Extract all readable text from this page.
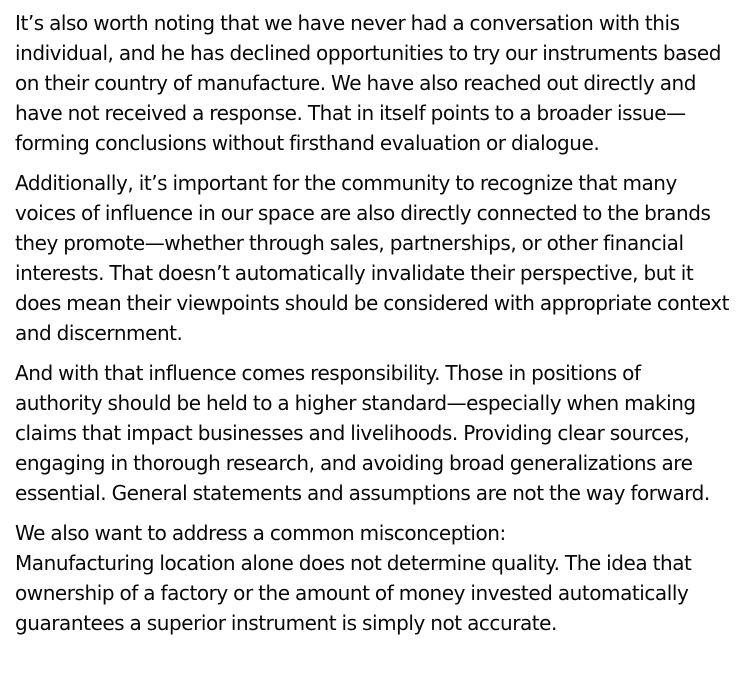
It’s also worth noting that we have never had a conversation with this individual, and he has declined opportunities to try our instruments based on their country of manufacture. We have also reached out directly and have not received a response. That in itself points to a broader issue—forming conclusions without firsthand evaluation or dialogue.

Additionally, it’s important for the community to recognize that many voices of influence in our space are also directly connected to the brands they promote—whether through sales, partnerships, or other financial interests. That doesn’t automatically invalidate their perspective, but it does mean their viewpoints should be considered with appropriate context and discernment.

And with that influence comes responsibility. Those in positions of authority should be held to a higher standard—especially when making claims that impact businesses and livelihoods. Providing clear sources, engaging in thorough research, and avoiding broad generalizations are essential. General statements and assumptions are not the way forward.

We also want to address a common misconception:
Manufacturing location alone does not determine quality. The idea that ownership of a factory or the amount of money invested automatically guarantees a superior instrument is simply not accurate.
